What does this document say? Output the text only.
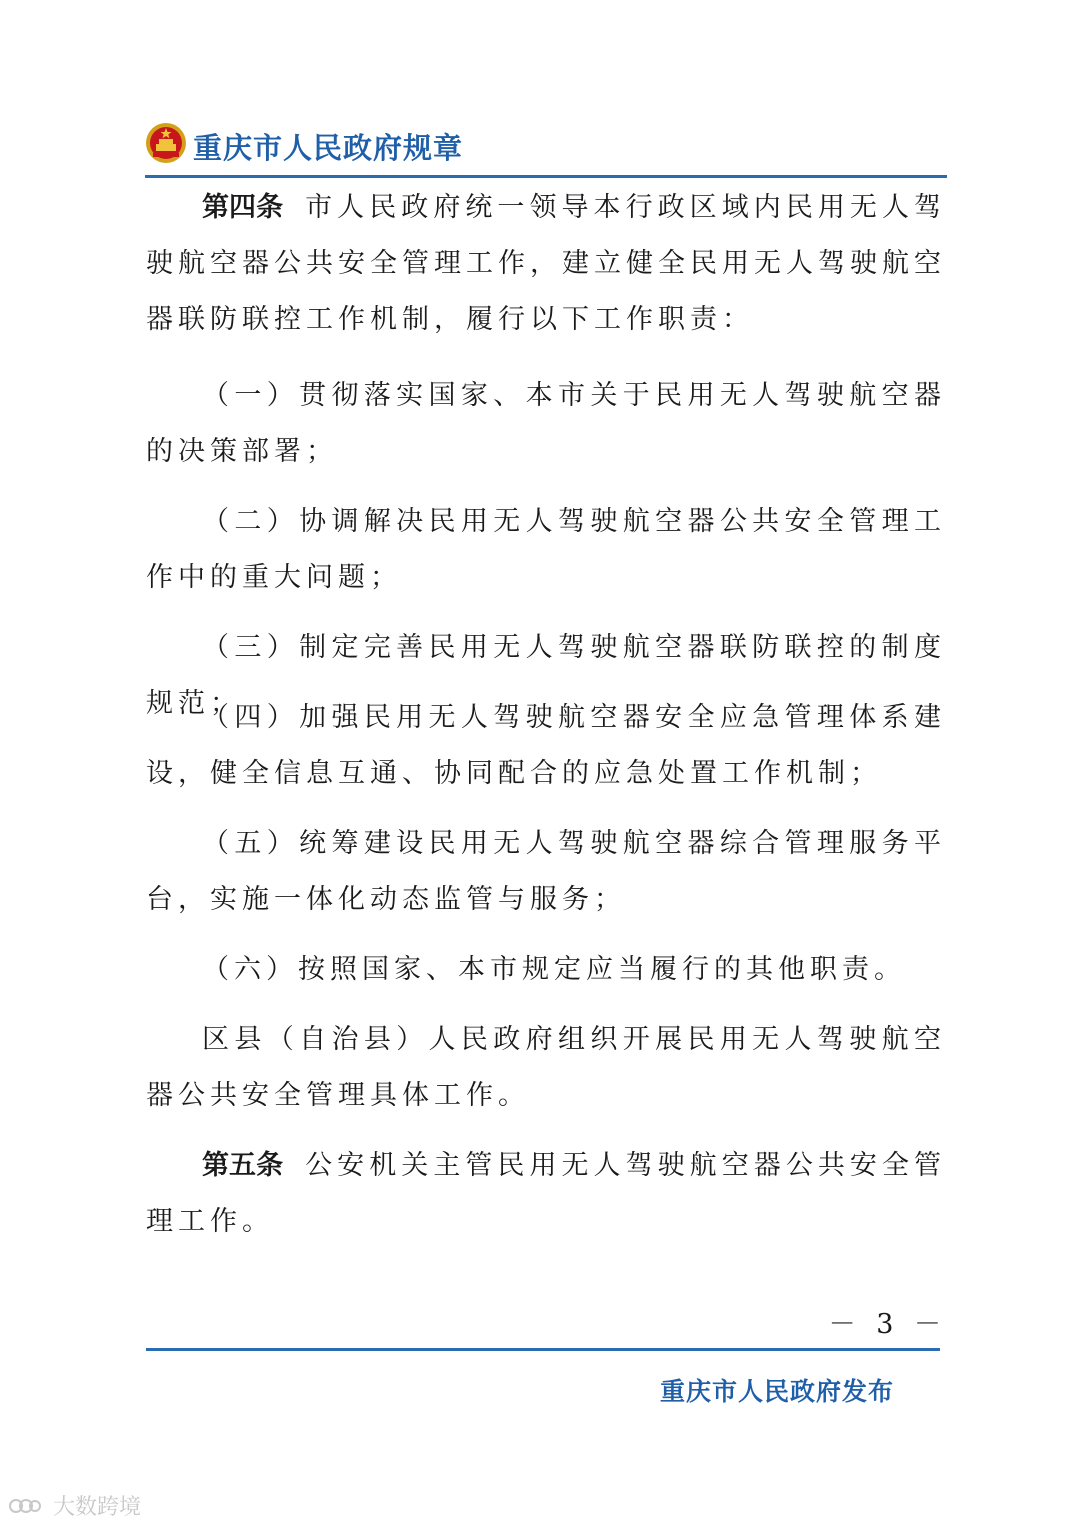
重庆市人民政府规章

第四条 市人民政府统一领导本行政区域内民用无人驾驶航空器公共安全管理工作，建立健全民用无人驾驶航空器联防联控工作机制，履行以下工作职责：

（一）贯彻落实国家、本市关于民用无人驾驶航空器的决策部署；

（二）协调解决民用无人驾驶航空器公共安全管理工作中的重大问题；

（三）制定完善民用无人驾驶航空器联防联控的制度规范；

（四）加强民用无人驾驶航空器安全应急管理体系建设，健全信息互通、协同配合的应急处置工作机制；

（五）统筹建设民用无人驾驶航空器综合管理服务平台，实施一体化动态监管与服务；

（六）按照国家、本市规定应当履行的其他职责。

区县（自治县）人民政府组织开展民用无人驾驶航空器公共安全管理具体工作。

第五条 公安机关主管民用无人驾驶航空器公共安全管理工作。

－ 3 －
重庆市人民政府发布
大数跨境
